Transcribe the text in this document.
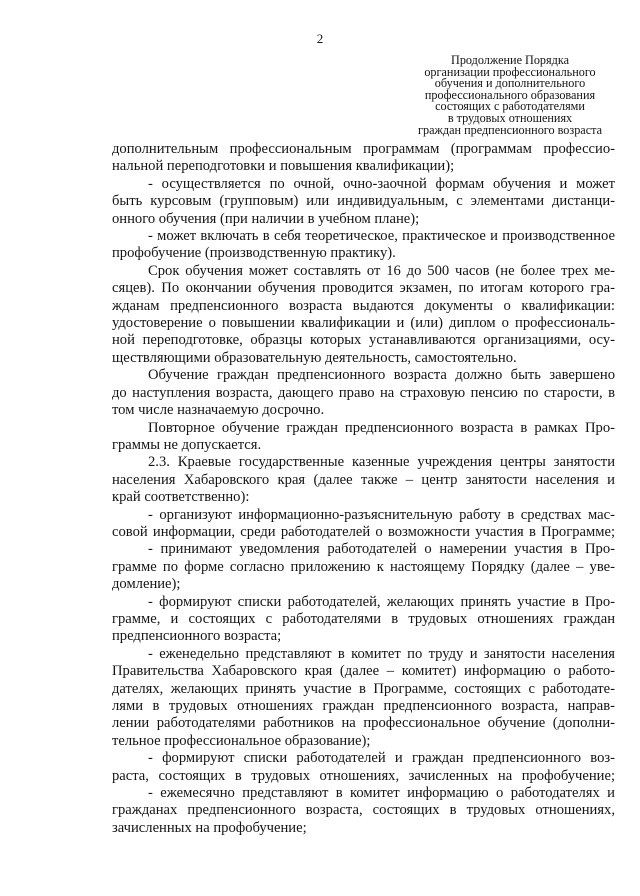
2
Продолжение Порядка
организации профессионального
обучения и дополнительного
профессионального образования
состоящих с работодателями
в трудовых отношениях
граждан предпенсионного возраста
дополнительным профессиональным программам (программам профессио-
нальной переподготовки и повышения квалификации);
- осуществляется по очной, очно-заочной формам обучения и может
быть курсовым (групповым) или индивидуальным, с элементами дистанци-
онного обучения (при наличии в учебном плане);
- может включать в себя теоретическое, практическое и производственное
профобучение (производственную практику).
Срок обучения может составлять от 16 до 500 часов (не более трех ме-
сяцев). По окончании обучения проводится экзамен, по итогам которого гра-
жданам предпенсионного возраста выдаются документы о квалификации:
удостоверение о повышении квалификации и (или) диплом о профессиональ-
ной переподготовке, образцы которых устанавливаются организациями, осу-
ществляющими образовательную деятельность, самостоятельно.
Обучение граждан предпенсионного возраста должно быть завершено
до наступления возраста, дающего право на страховую пенсию по старости, в
том числе назначаемую досрочно.
Повторное обучение граждан предпенсионного возраста в рамках Про-
граммы не допускается.
2.3. Краевые государственные казенные учреждения центры занятости
населения Хабаровского края (далее также – центр занятости населения и
край соответственно):
- организуют информационно-разъяснительную работу в средствах мас-
совой информации, среди работодателей о возможности участия в Программе;
- принимают уведомления работодателей о намерении участия в Про-
грамме по форме согласно приложению к настоящему Порядку (далее – уве-
домление);
- формируют списки работодателей, желающих принять участие в Про-
грамме, и состоящих с работодателями в трудовых отношениях граждан
предпенсионного возраста;
- еженедельно представляют в комитет по труду и занятости населения
Правительства Хабаровского края (далее – комитет) информацию о работо-
дателях, желающих принять участие в Программе, состоящих с работодате-
лями в трудовых отношениях граждан предпенсионного возраста, направ-
лении работодателями работников на профессиональное обучение (дополни-
тельное профессиональное образование);
- формируют списки работодателей и граждан предпенсионного воз-
раста, состоящих в трудовых отношениях, зачисленных на профобучение;
- ежемесячно представляют в комитет информацию о работодателях и
гражданах предпенсионного возраста, состоящих в трудовых отношениях,
зачисленных на профобучение;
